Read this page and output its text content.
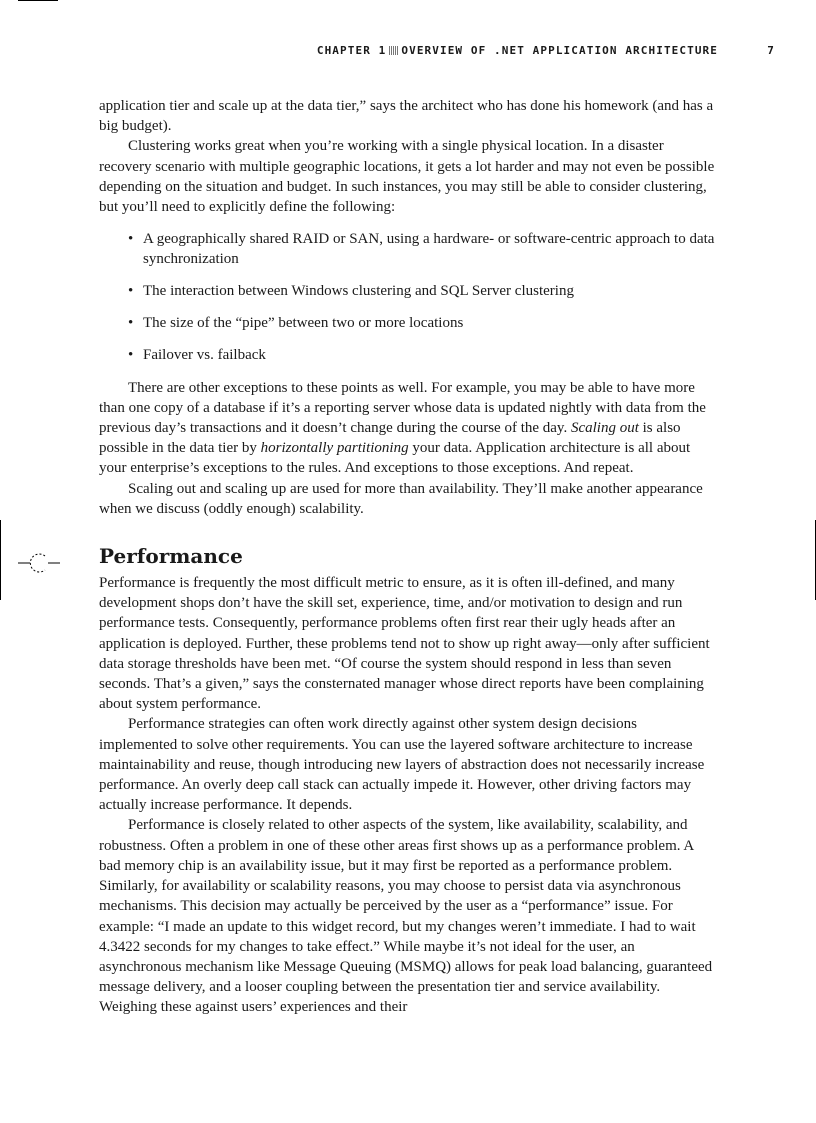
CHAPTER 1 OVERVIEW OF .NET APPLICATION ARCHITECTURE	7

application tier and scale up at the data tier,” says the architect who has done his homework (and has a big budget).

Clustering works great when you’re working with a single physical location. In a disaster recovery scenario with multiple geographic locations, it gets a lot harder and may not even be possible depending on the situation and budget. In such instances, you may still be able to consider clustering, but you’ll need to explicitly define the following:

• A geographically shared RAID or SAN, using a hardware- or software-centric approach to data synchronization
• The interaction between Windows clustering and SQL Server clustering
• The size of the “pipe” between two or more locations
• Failover vs. failback

There are other exceptions to these points as well. For example, you may be able to have more than one copy of a database if it’s a reporting server whose data is updated nightly with data from the previous day’s transactions and it doesn’t change during the course of the day. Scaling out is also possible in the data tier by horizontally partitioning your data. Application architecture is all about your enterprise’s exceptions to the rules. And exceptions to those exceptions. And repeat.

Scaling out and scaling up are used for more than availability. They’ll make another appearance when we discuss (oddly enough) scalability.

Performance

Performance is frequently the most difficult metric to ensure, as it is often ill-defined, and many development shops don’t have the skill set, experience, time, and/or motivation to design and run performance tests. Consequently, performance problems often first rear their ugly heads after an application is deployed. Further, these problems tend not to show up right away—only after sufficient data storage thresholds have been met. “Of course the system should respond in less than seven seconds. That’s a given,” says the consternated manager whose direct reports have been complaining about system performance.

Performance strategies can often work directly against other system design decisions implemented to solve other requirements. You can use the layered software architecture to increase maintainability and reuse, though introducing new layers of abstraction does not necessarily increase performance. An overly deep call stack can actually impede it. However, other driving factors may actually increase performance. It depends.

Performance is closely related to other aspects of the system, like availability, scalability, and robustness. Often a problem in one of these other areas first shows up as a performance problem. A bad memory chip is an availability issue, but it may first be reported as a performance problem. Similarly, for availability or scalability reasons, you may choose to persist data via asynchronous mechanisms. This decision may actually be perceived by the user as a “performance” issue. For example: “I made an update to this widget record, but my changes weren’t immediate. I had to wait 4.3422 seconds for my changes to take effect.” While maybe it’s not ideal for the user, an asynchronous mechanism like Message Queuing (MSMQ) allows for peak load balancing, guaranteed message delivery, and a looser coupling between the presentation tier and service availability. Weighing these against users’ experiences and their
